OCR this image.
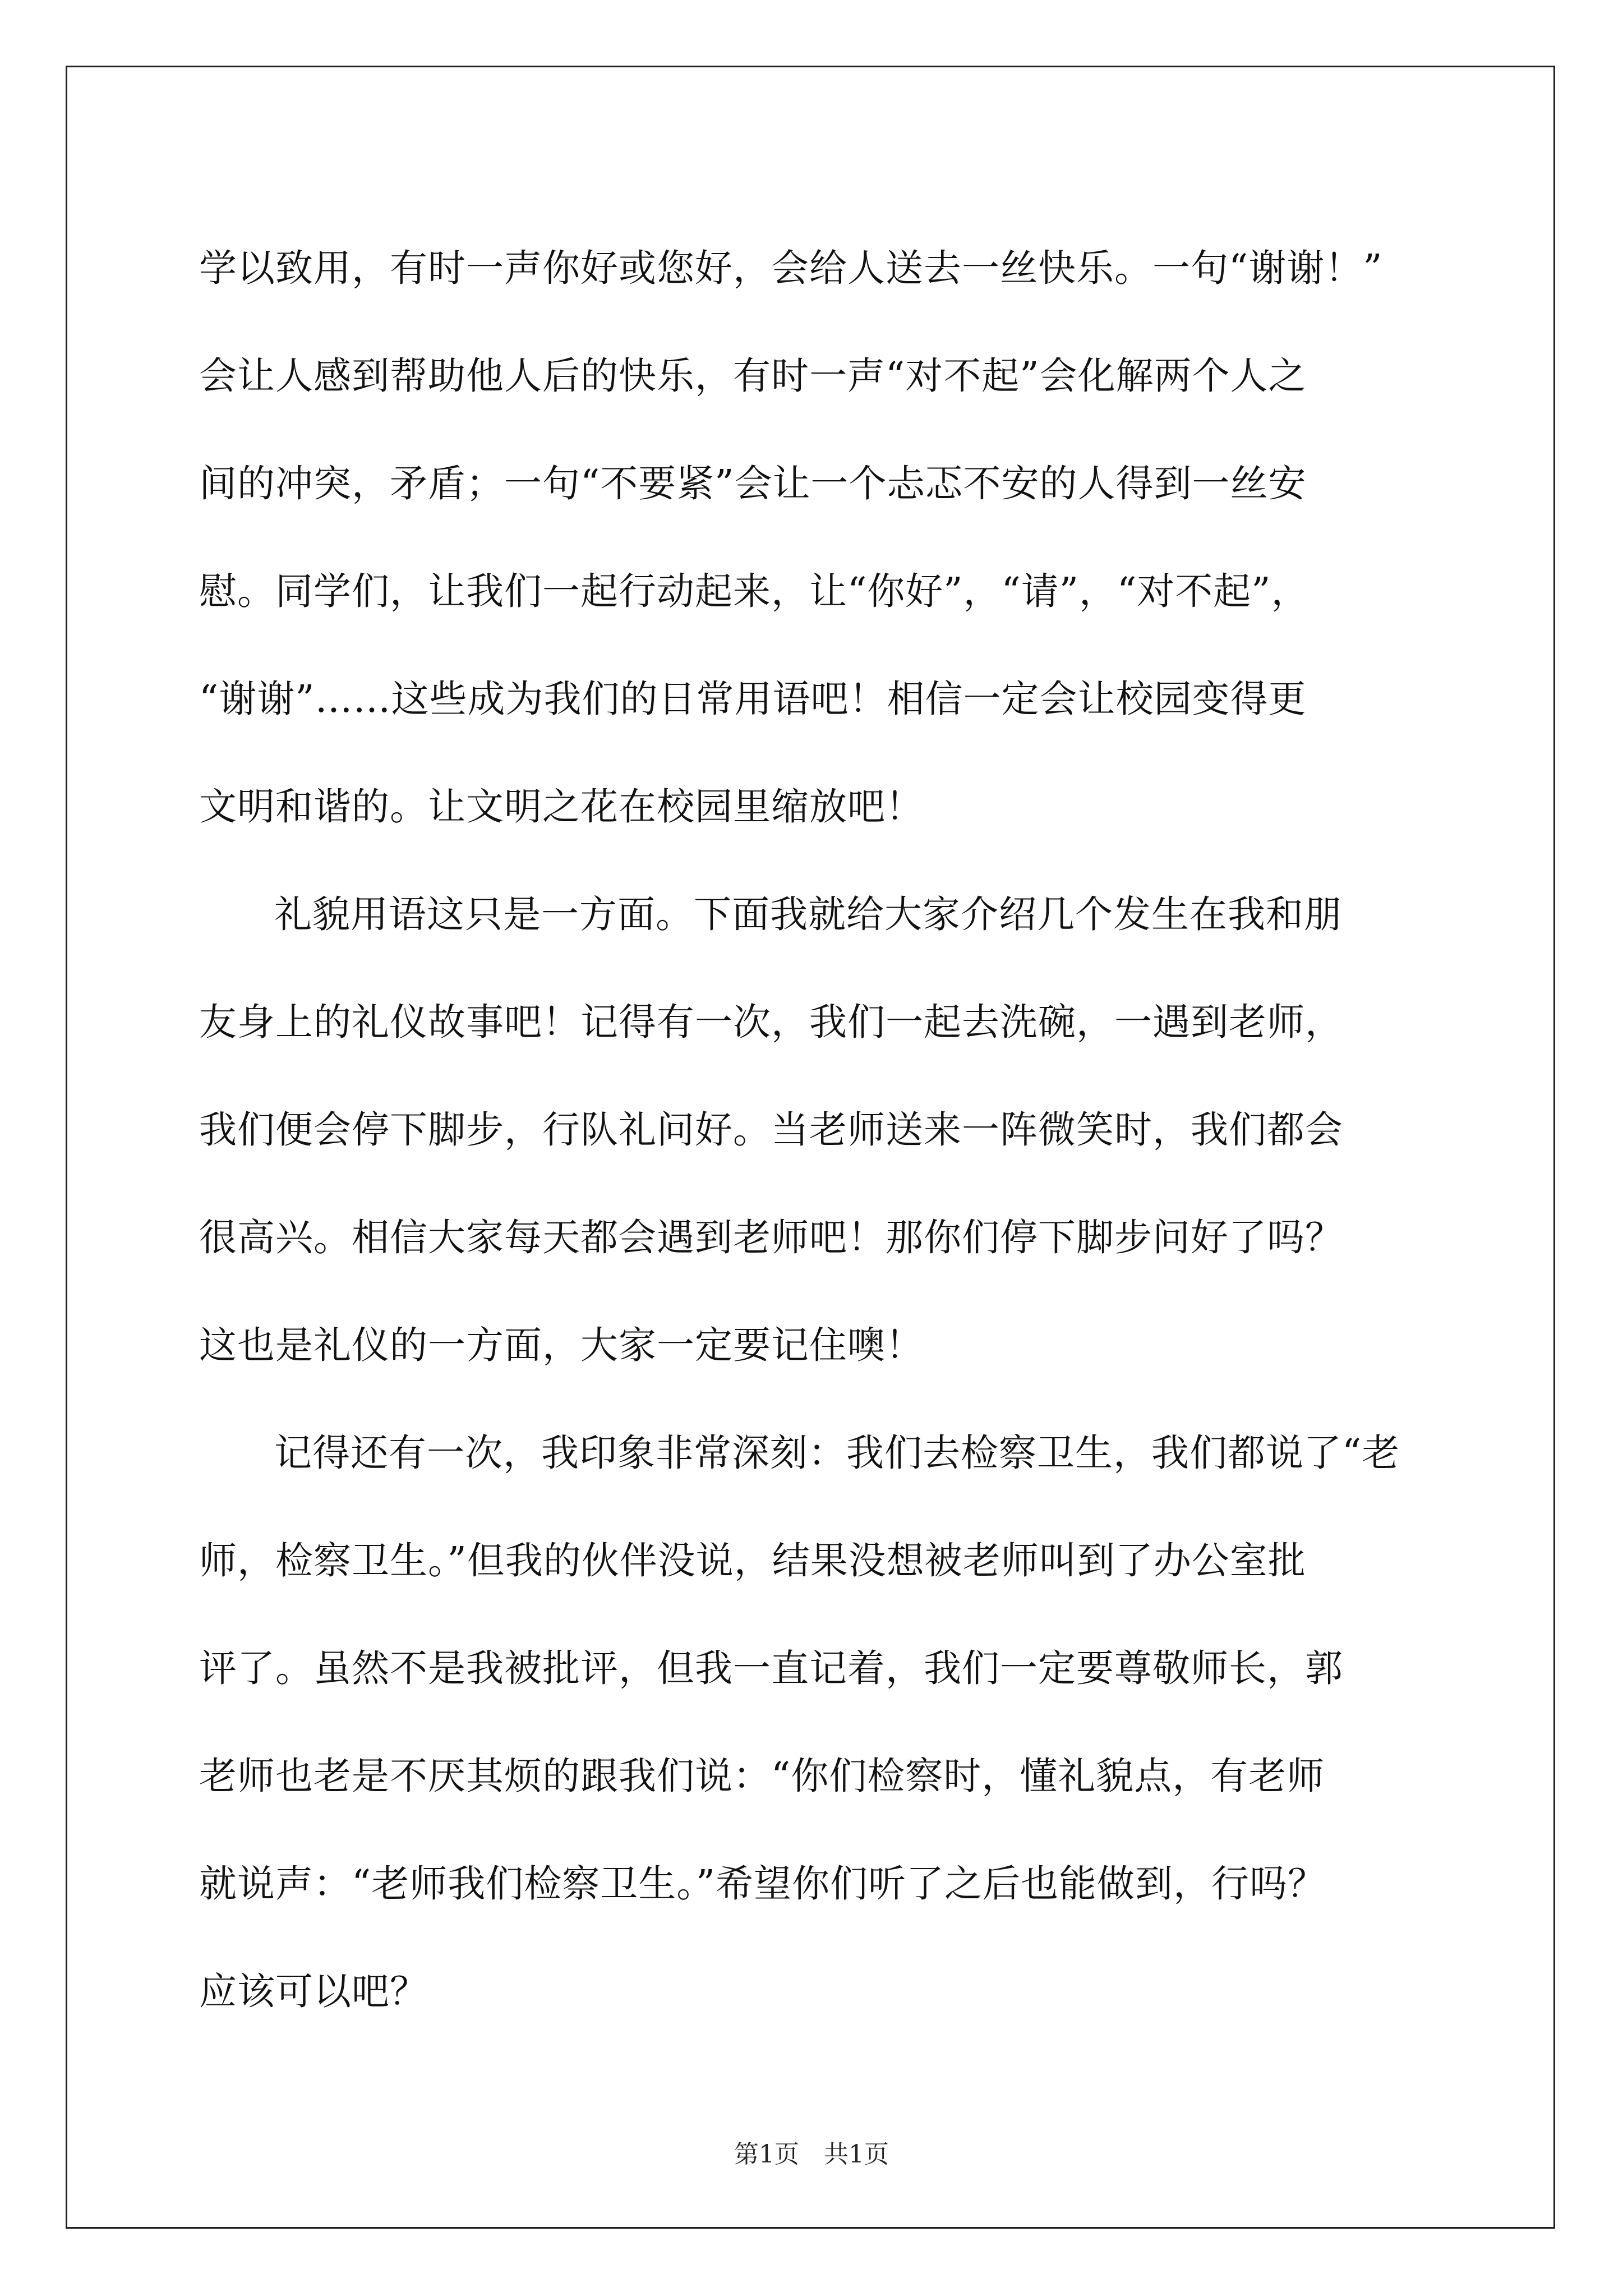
学以致用，有时一声你好或您好，会给人送去一丝快乐。一句“谢谢！”
会让人感到帮助他人后的快乐，有时一声“对不起”会化解两个人之
间的冲突，矛盾；一句“不要紧”会让一个忐忑不安的人得到一丝安
慰。同学们，让我们一起行动起来，让“你好”，“请”，“对不起”，
“谢谢”……这些成为我们的日常用语吧！相信一定会让校园变得更
文明和谐的。让文明之花在校园里缩放吧！
礼貌用语这只是一方面。下面我就给大家介绍几个发生在我和朋
友身上的礼仪故事吧！记得有一次，我们一起去洗碗，一遇到老师，
我们便会停下脚步，行队礼问好。当老师送来一阵微笑时，我们都会
很高兴。相信大家每天都会遇到老师吧！那你们停下脚步问好了吗？
这也是礼仪的一方面，大家一定要记住噢！
记得还有一次，我印象非常深刻：我们去检察卫生，我们都说了“老
师，检察卫生。”但我的伙伴没说，结果没想被老师叫到了办公室批
评了。虽然不是我被批评，但我一直记着，我们一定要尊敬师长，郭
老师也老是不厌其烦的跟我们说：“你们检察时，懂礼貌点，有老师
就说声：“老师我们检察卫生。”希望你们听了之后也能做到，行吗？
应该可以吧？
第1页　共1页
